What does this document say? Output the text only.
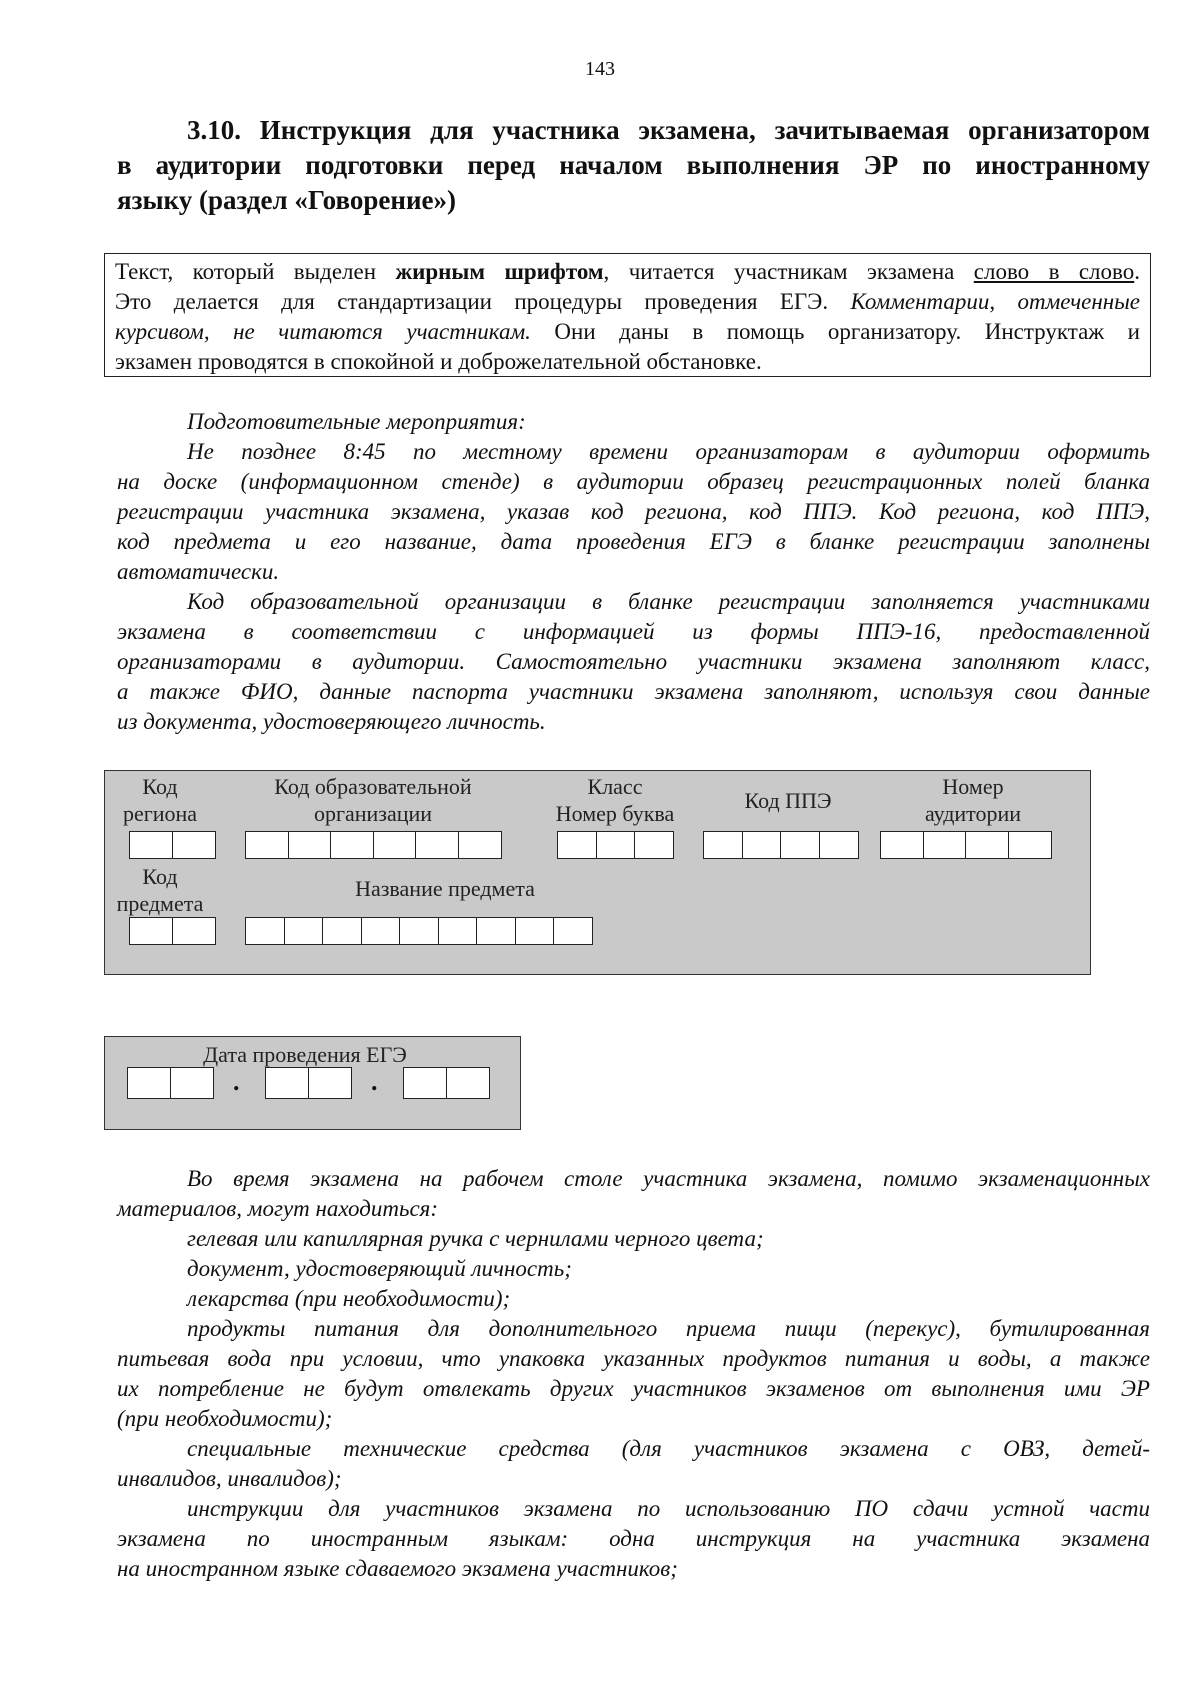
143
3.10. Инструкция для участника экзамена, зачитываемая организатором
в аудитории подготовки перед началом выполнения ЭР по иностранному
языку (раздел «Говорение»)
Текст, который выделен жирным шрифтом, читается участникам экзамена слово в слово.
Это делается для стандартизации процедуры проведения ЕГЭ. Комментарии, отмеченные
курсивом, не читаются участникам. Они даны в помощь организатору. Инструктаж и
экзамен проводятся в спокойной и доброжелательной обстановке.
Подготовительные мероприятия:
Не позднее 8:45 по местному времени организаторам в аудитории оформить
на доске (информационном стенде) в аудитории образец регистрационных полей бланка
регистрации участника экзамена, указав код региона, код ППЭ. Код региона, код ППЭ,
код предмета и его название, дата проведения ЕГЭ в бланке регистрации заполнены
автоматически.
Код образовательной организации в бланке регистрации заполняется участниками
экзамена в соответствии с информацией из формы ППЭ-16, предоставленной
организаторами в аудитории. Самостоятельно участники экзамена заполняют класс,
а также ФИО, данные паспорта участники экзамена заполняют, используя свои данные
из документа, удостоверяющего личность.
Код
региона
Код образовательной
организации
Класс
Номер буква
Код ППЭ
Номер
аудитории
Код
предмета
Название предмета
Дата проведения ЕГЭ
.	.
Во время экзамена на рабочем столе участника экзамена, помимо экзаменационных
материалов, могут находиться:
гелевая или капиллярная ручка с чернилами черного цвета;
документ, удостоверяющий личность;
лекарства (при необходимости);
продукты питания для дополнительного приема пищи (перекус), бутилированная
питьевая вода при условии, что упаковка указанных продуктов питания и воды, а также
их потребление не будут отвлекать других участников экзаменов от выполнения ими ЭР
(при необходимости);
специальные технические средства (для участников экзамена с ОВЗ, детей-
инвалидов, инвалидов);
инструкции для участников экзамена по использованию ПО сдачи устной части
экзамена по иностранным языкам: одна инструкция на участника экзамена
на иностранном языке сдаваемого экзамена участников;
